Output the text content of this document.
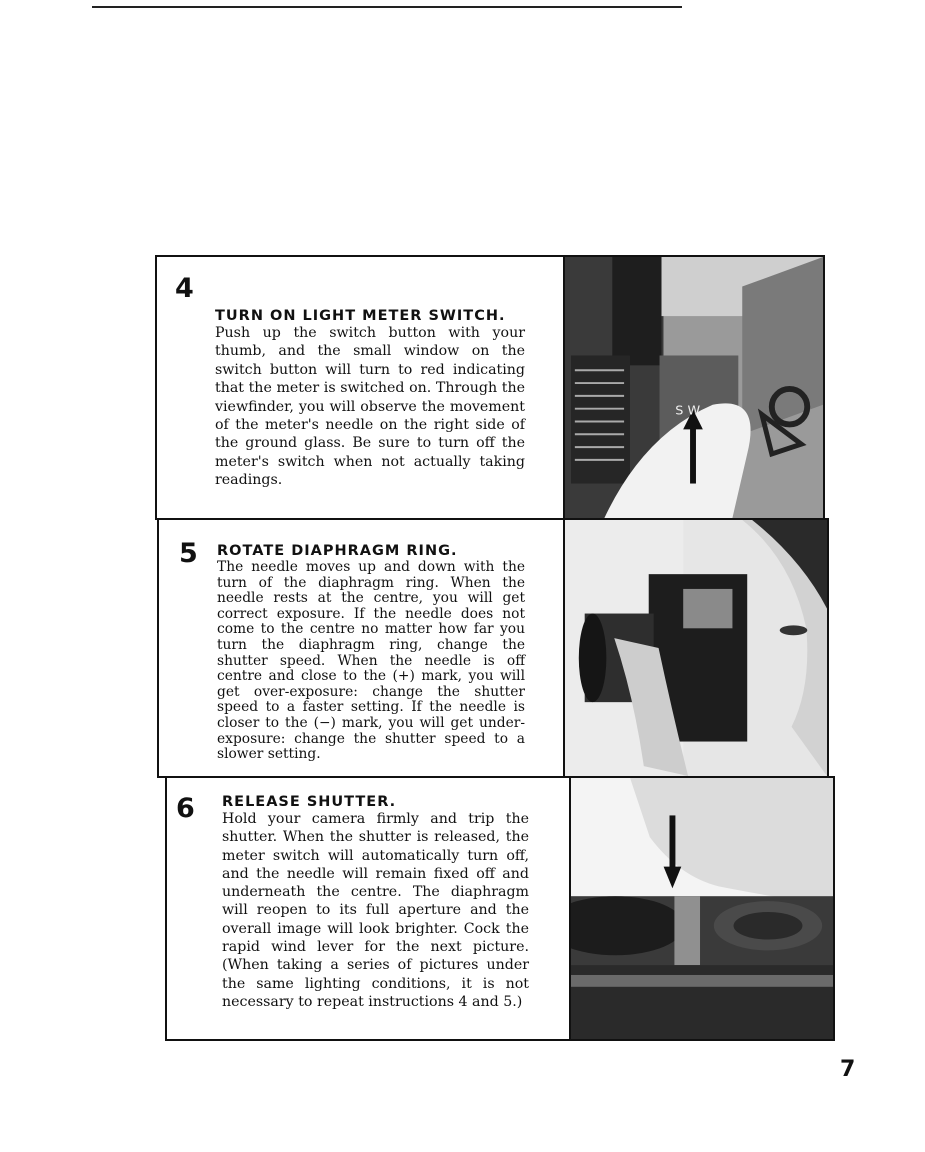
4
TURN ON LIGHT METER SWITCH.
Push up the switch button with your thumb, and the small window on the switch button will turn to red indicating that the meter is switched on. Through the viewfinder, you will observe the movement of the meter's needle on the right side of the ground glass. Be sure to turn off the meter's switch when not actually taking readings.
S W
5 ROTATE DIAPHRAGM RING.
The needle moves up and down with the turn of the diaphragm ring. When the needle rests at the centre, you will get correct exposure. If the needle does not come to the centre no matter how far you turn the diaphragm ring, change the shutter speed. When the needle is off centre and close to the (+) mark, you will get over-exposure: change the shutter speed to a faster setting. If the needle is closer to the (−) mark, you will get under-exposure: change the shutter speed to a slower setting.
6 RELEASE SHUTTER.
Hold your camera firmly and trip the shutter. When the shutter is released, the meter switch will automatically turn off, and the needle will remain fixed off and underneath the centre. The diaphragm will reopen to its full aperture and the overall image will look brighter. Cock the rapid wind lever for the next picture. (When taking a series of pictures under the same lighting conditions, it is not necessary to repeat instructions 4 and 5.)
7
